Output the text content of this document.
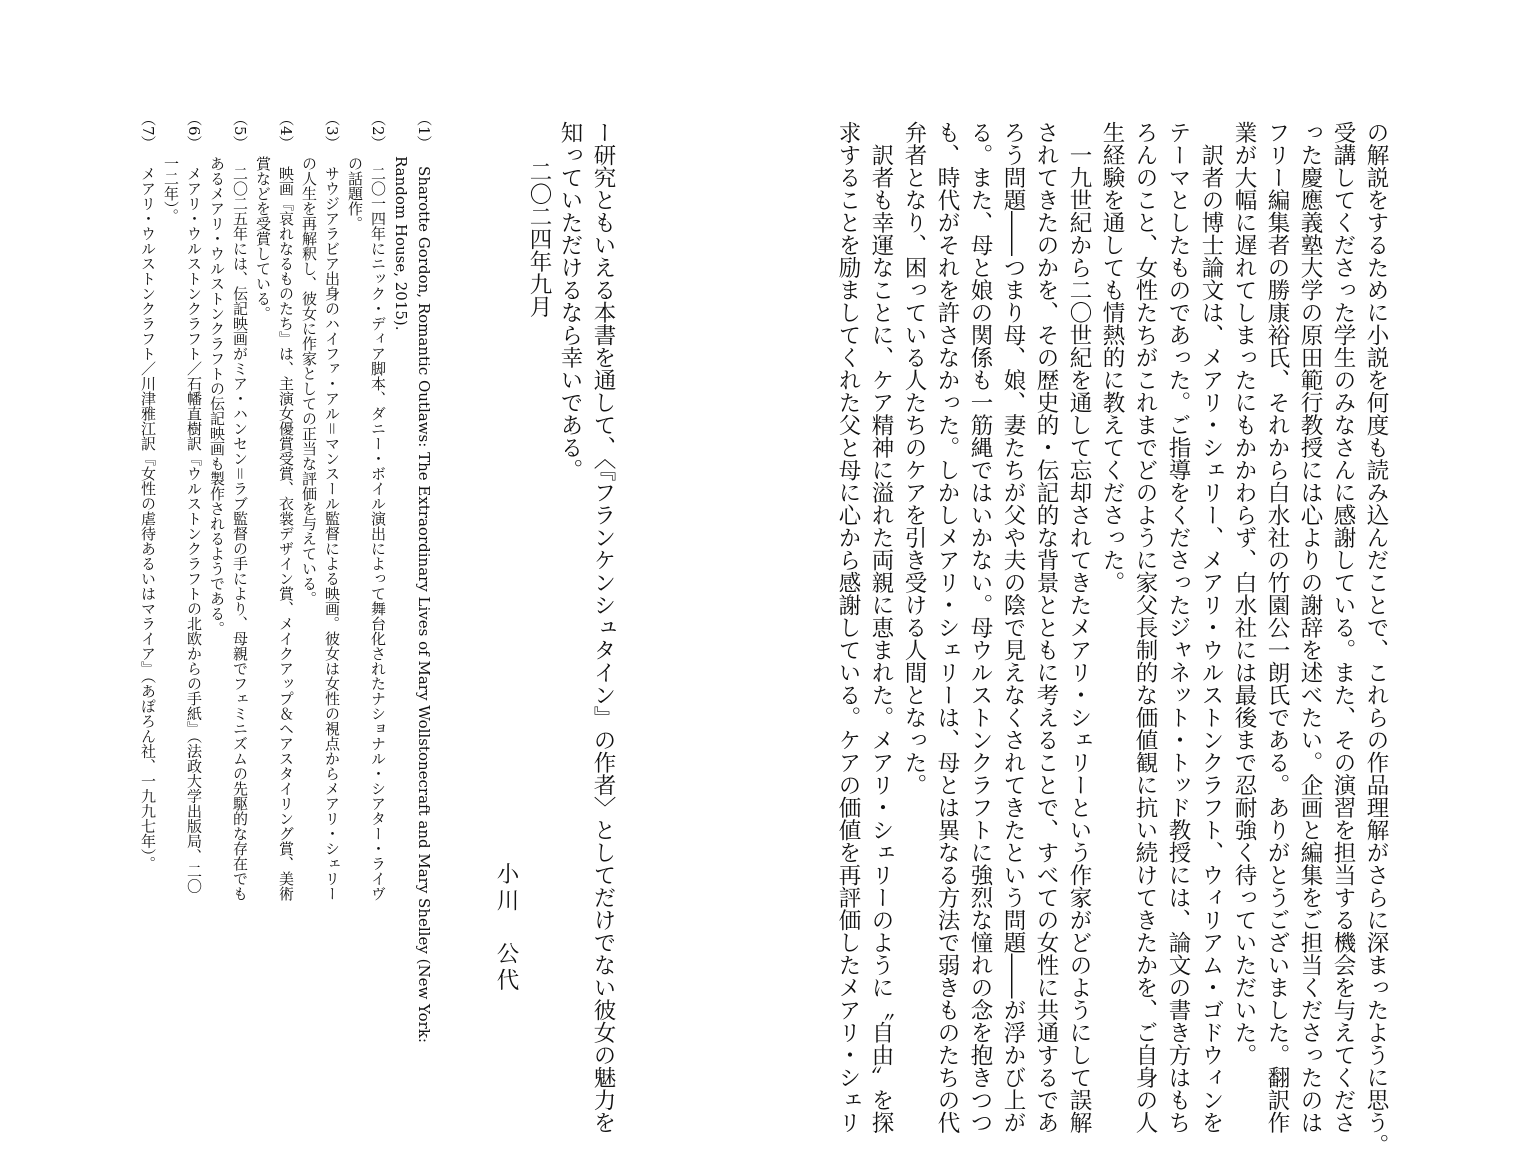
の解説をするために小説を何度も読み込んだことで、これらの作品理解がさらに深まったように思う。
受講してくださった学生のみなさんに感謝している。また、その演習を担当する機会を与えてくださ
った慶應義塾大学の原田範行教授には心よりの謝辞を述べたい。企画と編集をご担当くださったのは
フリー編集者の勝康裕氏、それから白水社の竹園公一朗氏である。ありがとうございました。翻訳作
業が大幅に遅れてしまったにもかかわらず、白水社には最後まで忍耐強く待っていただいた。
　訳者の博士論文は、メアリ・シェリー、メアリ・ウルストンクラフト、ウィリアム・ゴドウィンを
テーマとしたものであった。ご指導をくださったジャネット・トッド教授には、論文の書き方はもち
ろんのこと、女性たちがこれまでどのように家父長制的な価値観に抗い続けてきたかを、ご自身の人
生経験を通しても情熱的に教えてくださった。
　一九世紀から二〇世紀を通して忘却されてきたメアリ・シェリーという作家がどのようにして誤解
されてきたのかを、その歴史的・伝記的な背景とともに考えることで、すべての女性に共通するであ
ろう問題――つまり母、娘、妻たちが父や夫の陰で見えなくされてきたという問題――が浮かび上が
る。また、母と娘の関係も一筋縄ではいかない。母ウルストンクラフトに強烈な憧れの念を抱きつつ
も、時代がそれを許さなかった。しかしメアリ・シェリーは、母とは異なる方法で弱きものたちの代
弁者となり、困っている人たちのケアを引き受ける人間となった。
　訳者も幸運なことに、ケア精神に溢れた両親に恵まれた。メアリ・シェリーのように〝自由〟を探
求することを励ましてくれた父と母に心から感謝している。ケアの価値を再評価したメアリ・シェリ

ー研究ともいえる本書を通して、〈『フランケンシュタイン』の作者〉としてだけでない彼女の魅力を
知っていただけるなら幸いである。

二〇二四年九月
小川　公代

（1）　Sharotte Gordon, Romantic Outlaws: The Extraordinary Lives of Mary Wollstonecraft and Mary Shelley (New York:
　　　Random House, 2015).
（2）　二〇一四年にニック・ディア脚本、ダニー・ボイル演出によって舞台化されたナショナル・シアター・ライヴ
　　　の話題作。
（3）　サウジアラビア出身のハイファ・アル＝マンスール監督による映画。彼女は女性の視点からメアリ・シェリー
　　　の人生を再解釈し、彼女に作家としての正当な評価を与えている。
（4）　映画『哀れなるものたち』は、主演女優賞受賞、衣裳デザイン賞、メイクアップ＆ヘアスタイリング賞、美術
　　　賞などを受賞している。
（5）　二〇二五年には、伝記映画がミア・ハンセン＝ラブ監督の手により、母親でフェミニズムの先駆的な存在でも
　　　あるメアリ・ウルストンクラフトの伝記映画も製作されるようである。
（6）　メアリ・ウルストンクラフト／石幡直樹訳『ウルストンクラフトの北欧からの手紙』（法政大学出版局、二〇
　　　一二年）。
（7）　メアリ・ウルストンクラフト／川津雅江訳『女性の虐待あるいはマライア』（あぽろん社、一九九七年）。
